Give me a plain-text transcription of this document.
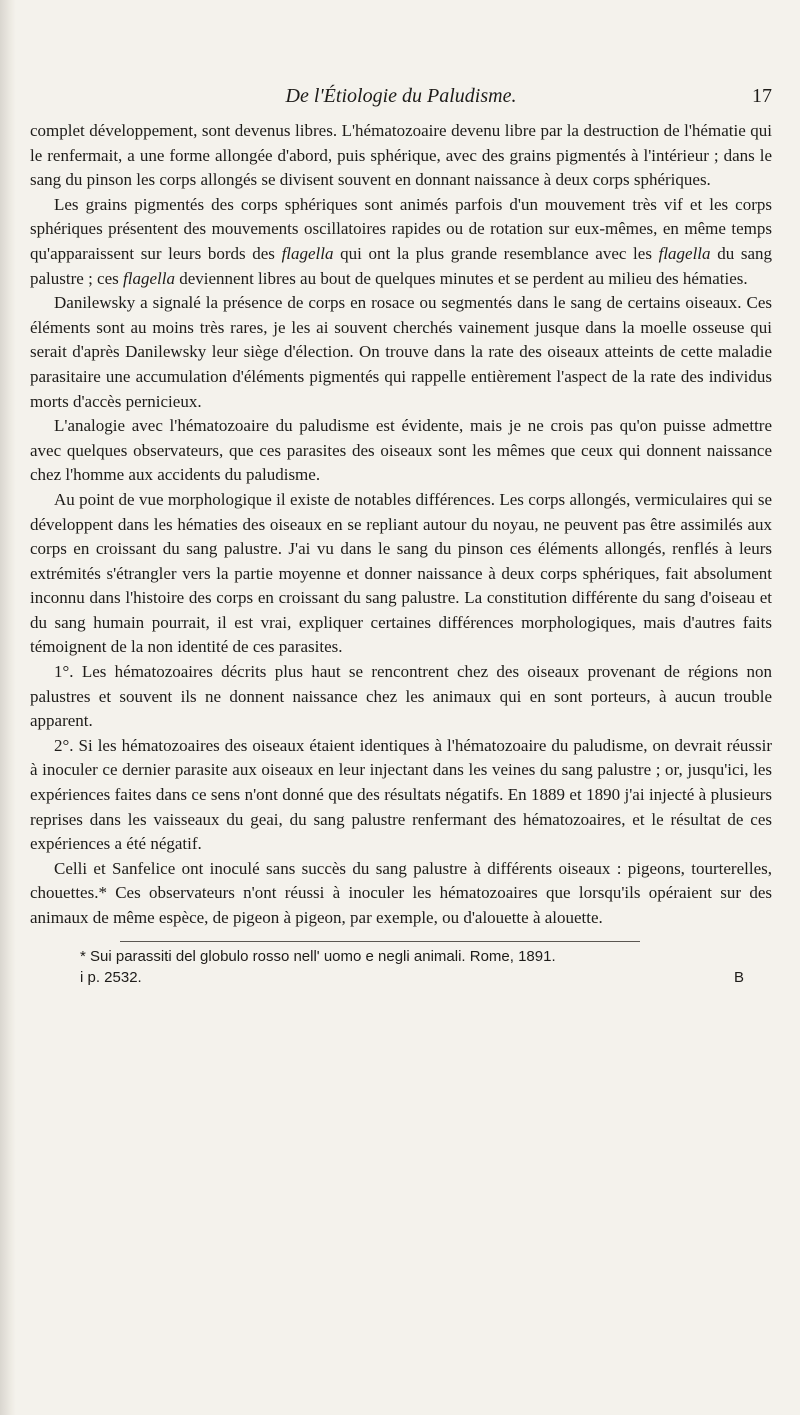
De l'Étiologie du Paludisme.	17

complet développement, sont devenus libres. L'hématozoaire devenu libre par la destruction de l'hématie qui le renfermait, a une forme allongée d'abord, puis sphérique, avec des grains pigmentés à l'intérieur ; dans le sang du pinson les corps allongés se divisent souvent en donnant naissance à deux corps sphériques.

Les grains pigmentés des corps sphériques sont animés parfois d'un mouvement très vif et les corps sphériques présentent des mouvements oscillatoires rapides ou de rotation sur eux-mêmes, en même temps qu'apparaissent sur leurs bords des flagella qui ont la plus grande resemblance avec les flagella du sang palustre ; ces flagella deviennent libres au bout de quelques minutes et se perdent au milieu des hématies.

Danilewsky a signalé la présence de corps en rosace ou segmentés dans le sang de certains oiseaux. Ces éléments sont au moins très rares, je les ai souvent cherchés vainement jusque dans la moelle osseuse qui serait d'après Danilewsky leur siège d'élection. On trouve dans la rate des oiseaux atteints de cette maladie parasitaire une accumulation d'éléments pigmentés qui rappelle entièrement l'aspect de la rate des individus morts d'accès pernicieux.

L'analogie avec l'hématozoaire du paludisme est évidente, mais je ne crois pas qu'on puisse admettre avec quelques observateurs, que ces parasites des oiseaux sont les mêmes que ceux qui donnent naissance chez l'homme aux accidents du paludisme.

Au point de vue morphologique il existe de notables différences. Les corps allongés, vermiculaires qui se développent dans les hématies des oiseaux en se repliant autour du noyau, ne peuvent pas être assimilés aux corps en croissant du sang palustre. J'ai vu dans le sang du pinson ces éléments allongés, renflés à leurs extrémités s'étrangler vers la partie moyenne et donner naissance à deux corps sphériques, fait absolument inconnu dans l'histoire des corps en croissant du sang palustre. La constitution différente du sang d'oiseau et du sang humain pourrait, il est vrai, expliquer certaines différences morphologiques, mais d'autres faits témoignent de la non identité de ces parasites.

1°. Les hématozoaires décrits plus haut se rencontrent chez des oiseaux provenant de régions non palustres et souvent ils ne donnent naissance chez les animaux qui en sont porteurs, à aucun trouble apparent.

2°. Si les hématozoaires des oiseaux étaient identiques à l'hématozoaire du paludisme, on devrait réussir à inoculer ce dernier parasite aux oiseaux en leur injectant dans les veines du sang palustre ; or, jusqu'ici, les expériences faites dans ce sens n'ont donné que des résultats négatifs. En 1889 et 1890 j'ai injecté à plusieurs reprises dans les vaisseaux du geai, du sang palustre renfermant des hématozoaires, et le résultat de ces expériences a été négatif.

Celli et Sanfelice ont inoculé sans succès du sang palustre à différents oiseaux : pigeons, tourterelles, chouettes.* Ces observateurs n'ont réussi à inoculer les hématozoaires que lorsqu'ils opéraient sur des animaux de même espèce, de pigeon à pigeon, par exemple, ou d'alouette à alouette.

* Sui parassiti del globulo rosso nell' uomo e negli animali. Rome, 1891.
i p. 2532.	B
